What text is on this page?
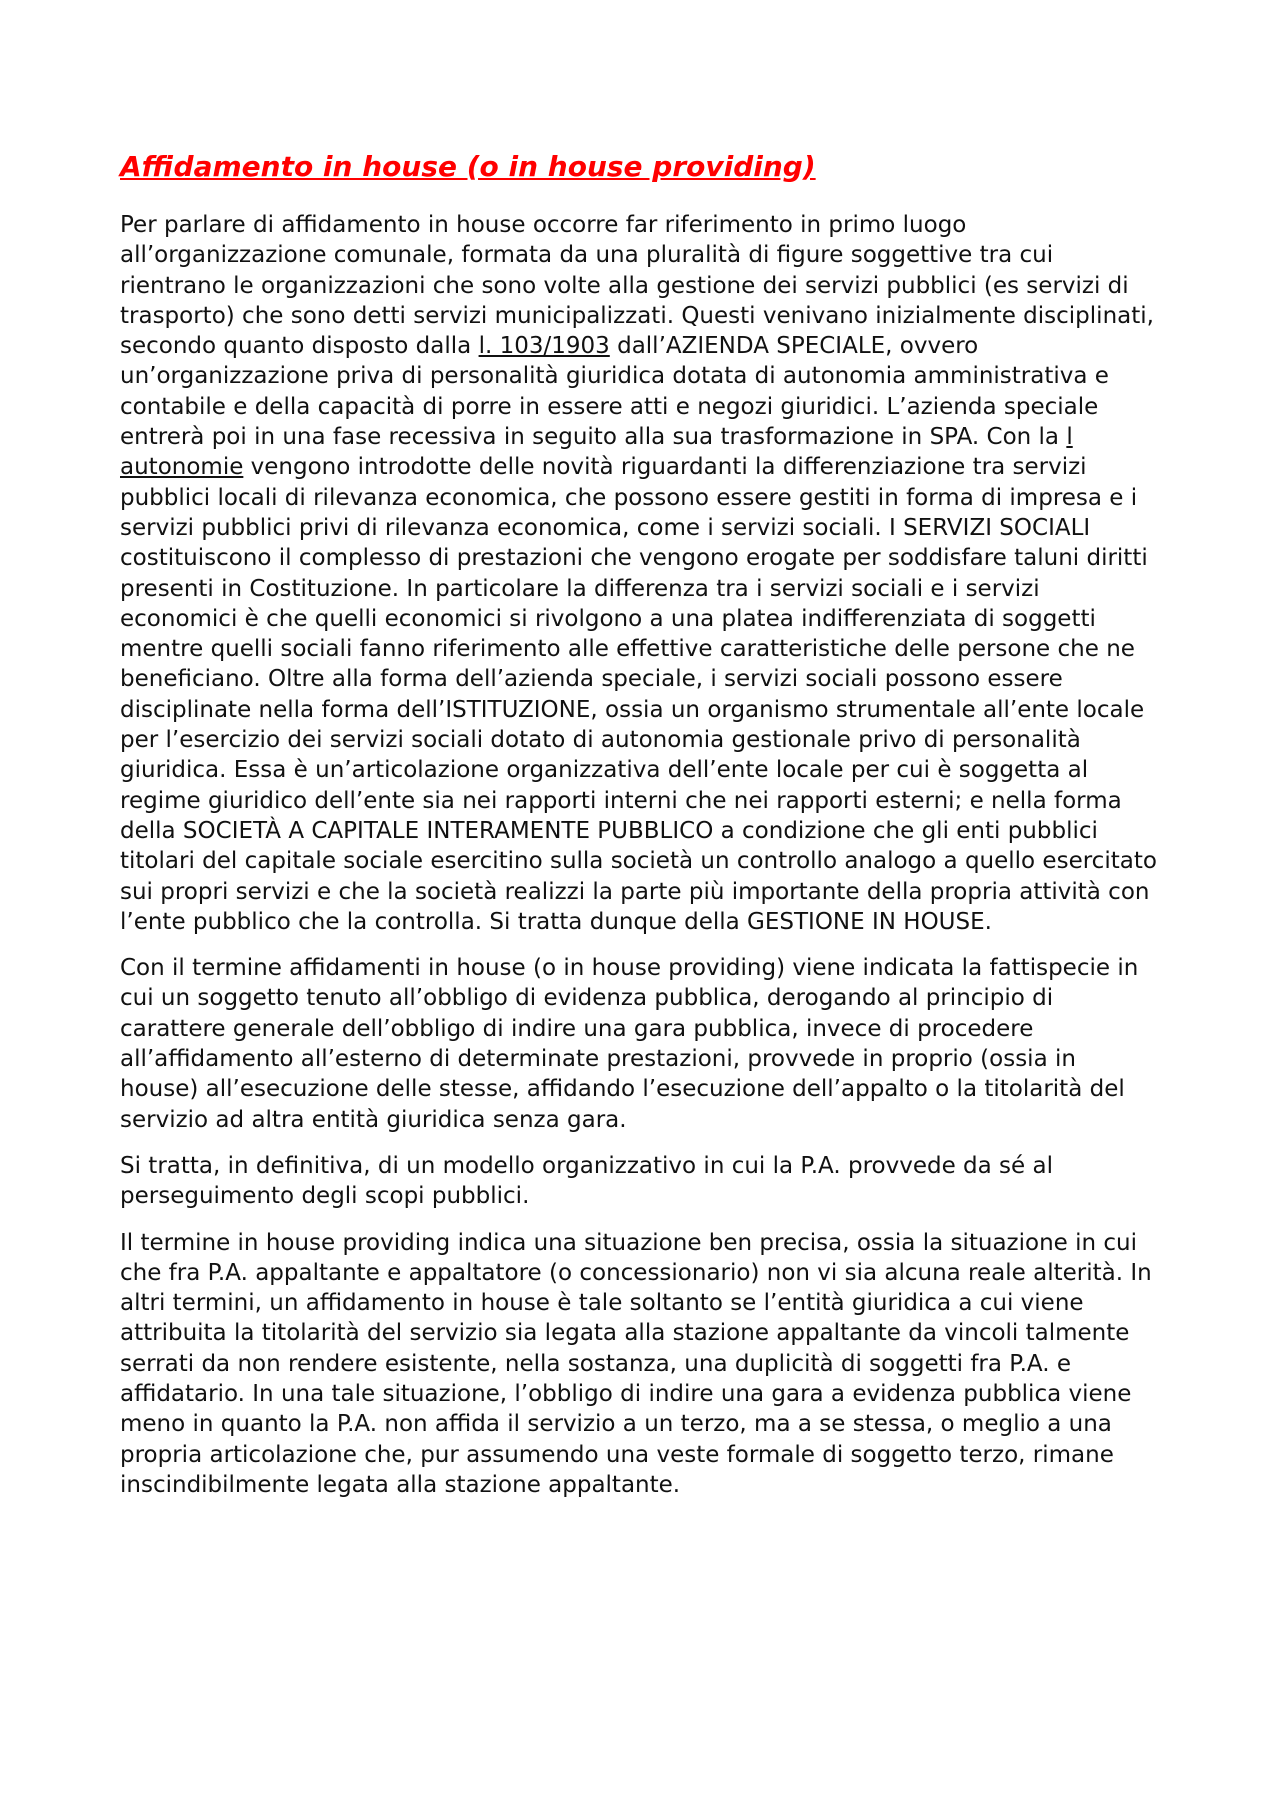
Affidamento in house (o in house providing)

Per parlare di affidamento in house occorre far riferimento in primo luogo all’organizzazione comunale, formata da una pluralità di figure soggettive tra cui rientrano le organizzazioni che sono volte alla gestione dei servizi pubblici (es servizi di trasporto) che sono detti servizi municipalizzati. Questi venivano inizialmente disciplinati, secondo quanto disposto dalla l. 103/1903 dall’AZIENDA SPECIALE, ovvero un’organizzazione priva di personalità giuridica dotata di autonomia amministrativa e contabile e della capacità di porre in essere atti e negozi giuridici. L’azienda speciale entrerà poi in una fase recessiva in seguito alla sua trasformazione in SPA. Con la l autonomie vengono introdotte delle novità riguardanti la differenziazione tra servizi pubblici locali di rilevanza economica, che possono essere gestiti in forma di impresa e i servizi pubblici privi di rilevanza economica, come i servizi sociali. I SERVIZI SOCIALI costituiscono il complesso di prestazioni che vengono erogate per soddisfare taluni diritti presenti in Costituzione. In particolare la differenza tra i servizi sociali e i servizi economici è che quelli economici si rivolgono a una platea indifferenziata di soggetti mentre quelli sociali fanno riferimento alle effettive caratteristiche delle persone che ne beneficiano. Oltre alla forma dell’azienda speciale, i servizi sociali possono essere disciplinate nella forma dell’ISTITUZIONE, ossia un organismo strumentale all’ente locale per l’esercizio dei servizi sociali dotato di autonomia gestionale privo di personalità giuridica. Essa è un’articolazione organizzativa dell’ente locale per cui è soggetta al regime giuridico dell’ente sia nei rapporti interni che nei rapporti esterni; e nella forma della SOCIETÀ A CAPITALE INTERAMENTE PUBBLICO a condizione che gli enti pubblici titolari del capitale sociale esercitino sulla società un controllo analogo a quello esercitato sui propri servizi e che la società realizzi la parte più importante della propria attività con l’ente pubblico che la controlla. Si tratta dunque della GESTIONE IN HOUSE.

Con il termine affidamenti in house (o in house providing) viene indicata la fattispecie in cui un soggetto tenuto all’obbligo di evidenza pubblica, derogando al principio di carattere generale dell’obbligo di indire una gara pubblica, invece di procedere all’affidamento all’esterno di determinate prestazioni, provvede in proprio (ossia in house) all’esecuzione delle stesse, affidando l’esecuzione dell’appalto o la titolarità del servizio ad altra entità giuridica senza gara.

Si tratta, in definitiva, di un modello organizzativo in cui la P.A. provvede da sé al perseguimento degli scopi pubblici.

Il termine in house providing indica una situazione ben precisa, ossia la situazione in cui che fra P.A. appaltante e appaltatore (o concessionario) non vi sia alcuna reale alterità. In altri termini, un affidamento in house è tale soltanto se l’entità giuridica a cui viene attribuita la titolarità del servizio sia legata alla stazione appaltante da vincoli talmente serrati da non rendere esistente, nella sostanza, una duplicità di soggetti fra P.A. e affidatario. In una tale situazione, l’obbligo di indire una gara a evidenza pubblica viene meno in quanto la P.A. non affida il servizio a un terzo, ma a se stessa, o meglio a una propria articolazione che, pur assumendo una veste formale di soggetto terzo, rimane inscindibilmente legata alla stazione appaltante.
